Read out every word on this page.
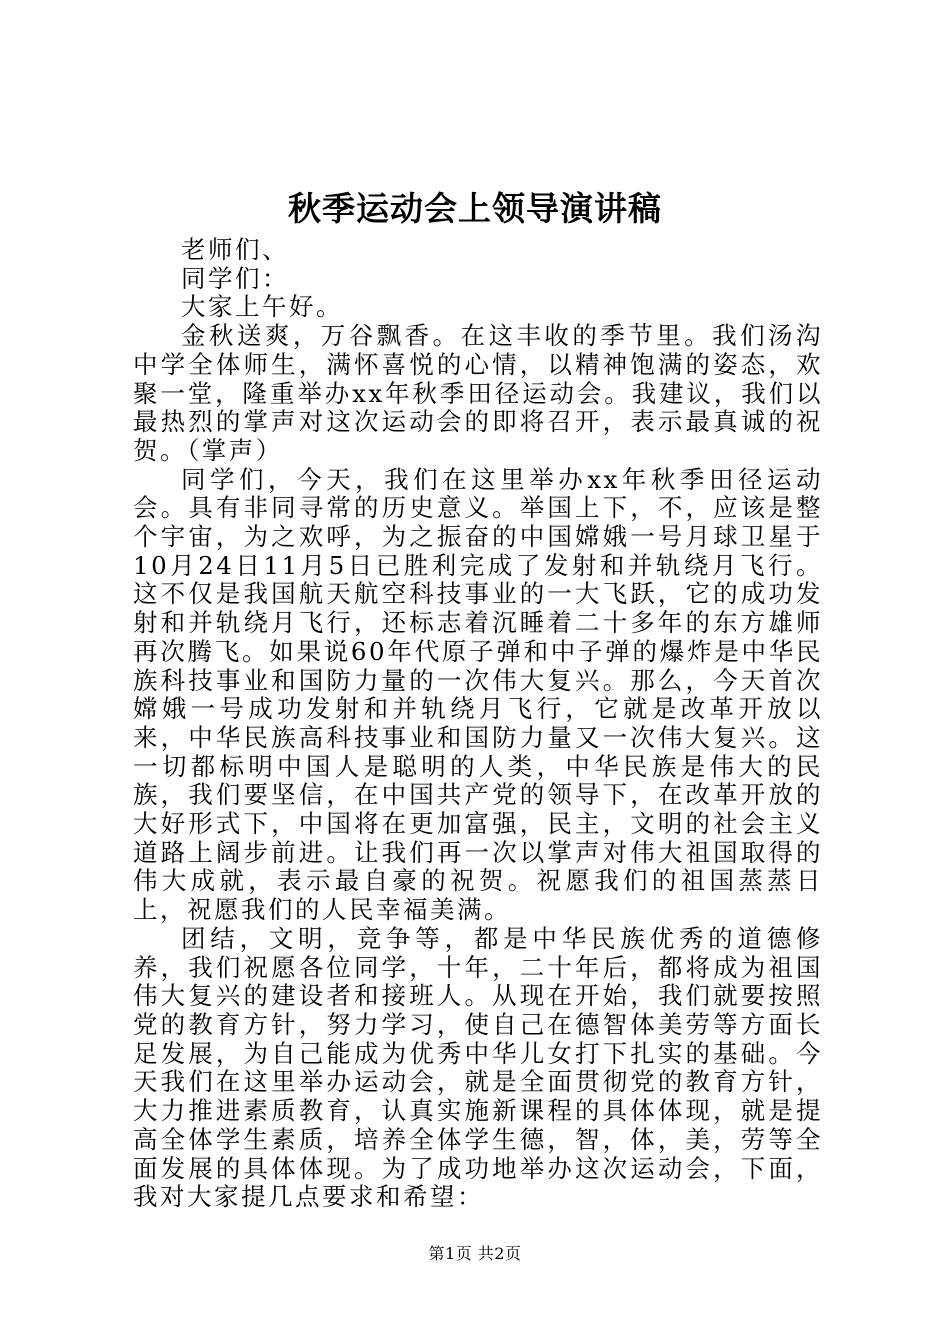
秋季运动会上领导演讲稿
老师们、
同学们：
大家上午好。
金秋送爽，万谷飘香。在这丰收的季节里。我们汤沟中学全体师生，满怀喜悦的心情，以精神饱满的姿态，欢聚一堂，隆重举办xx年秋季田径运动会。我建议，我们以最热烈的掌声对这次运动会的即将召开，表示最真诚的祝贺。（掌声）
同学们，今天，我们在这里举办xx年秋季田径运动会。具有非同寻常的历史意义。举国上下，不，应该是整个宇宙，为之欢呼，为之振奋的中国嫦娥一号月球卫星于10月24日11月5日已胜利完成了发射和并轨绕月飞行。这不仅是我国航天航空科技事业的一大飞跃，它的成功发射和并轨绕月飞行，还标志着沉睡着二十多年的东方雄师再次腾飞。如果说60年代原子弹和中子弹的爆炸是中华民族科技事业和国防力量的一次伟大复兴。那么，今天首次嫦娥一号成功发射和并轨绕月飞行，它就是改革开放以来，中华民族高科技事业和国防力量又一次伟大复兴。这一切都标明中国人是聪明的人类，中华民族是伟大的民族，我们要坚信，在中国共产党的领导下，在改革开放的大好形式下，中国将在更加富强，民主，文明的社会主义道路上阔步前进。让我们再一次以掌声对伟大祖国取得的伟大成就，表示最自豪的祝贺。祝愿我们的祖国蒸蒸日上，祝愿我们的人民幸福美满。
团结，文明，竞争等，都是中华民族优秀的道德修养，我们祝愿各位同学，十年，二十年后，都将成为祖国伟大复兴的建设者和接班人。从现在开始，我们就要按照党的教育方针，努力学习，使自己在德智体美劳等方面长足发展，为自己能成为优秀中华儿女打下扎实的基础。今天我们在这里举办运动会，就是全面贯彻党的教育方针，大力推进素质教育，认真实施新课程的具体体现，就是提高全体学生素质，培养全体学生德，智，体，美，劳等全面发展的具体体现。为了成功地举办这次运动会，下面，我对大家提几点要求和希望：
第1页 共2页
